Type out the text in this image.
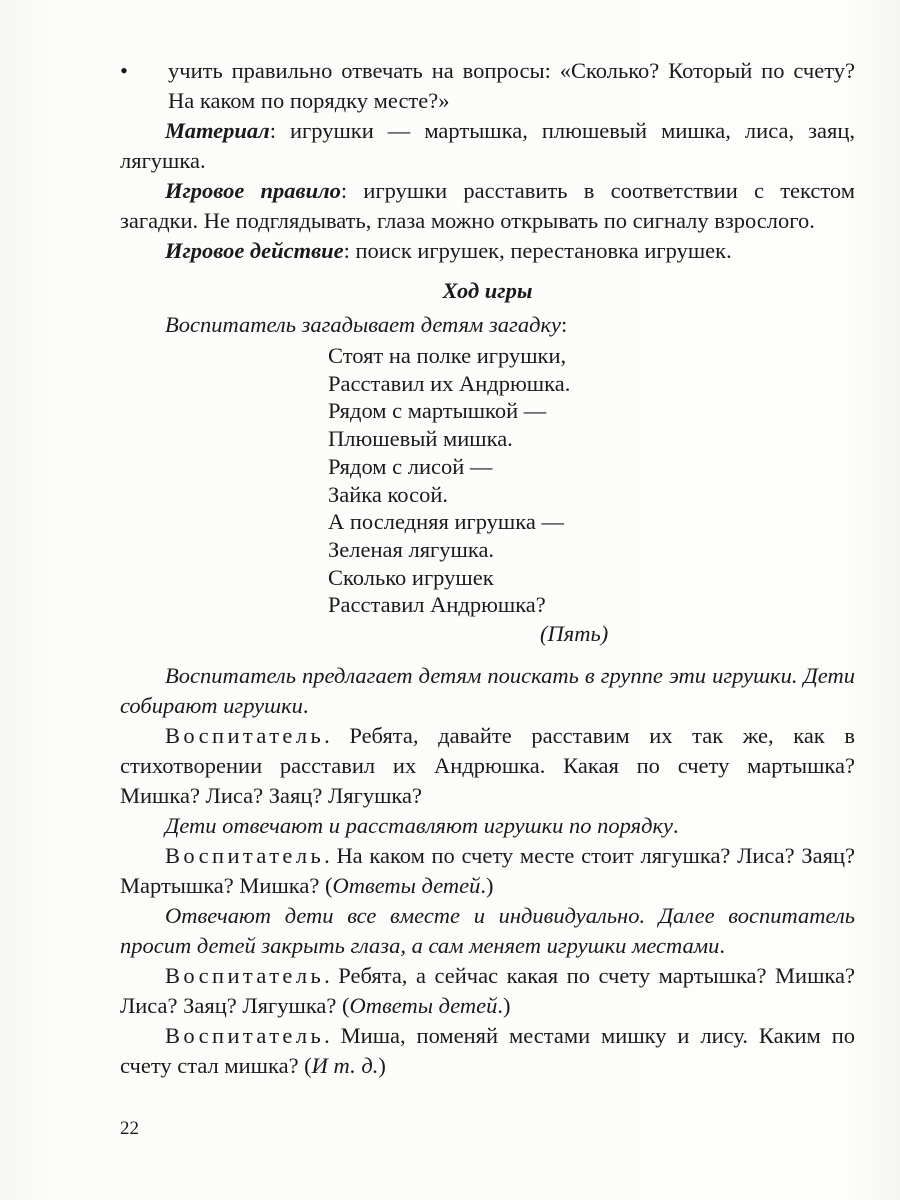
• учить правильно отвечать на вопросы: «Сколько? Который по счету? На каком по порядку месте?»

Материал: игрушки — мартышка, плюшевый мишка, лиса, заяц, лягушка.

Игровое правило: игрушки расставить в соответствии с текстом загадки. Не подглядывать, глаза можно открывать по сигналу взрослого.

Игровое действие: поиск игрушек, перестановка игрушек.

Ход игры

Воспитатель загадывает детям загадку:

Стоят на полке игрушки,
Расставил их Андрюшка.
Рядом с мартышкой —
Плюшевый мишка.
Рядом с лисой —
Зайка косой.
А последняя игрушка —
Зеленая лягушка.
Сколько игрушек
Расставил Андрюшка?
(Пять)

Воспитатель предлагает детям поискать в группе эти игрушки. Дети собирают игрушки.

Воспитатель. Ребята, давайте расставим их так же, как в стихотворении расставил их Андрюшка. Какая по счету мартышка? Мишка? Лиса? Заяц? Лягушка?

Дети отвечают и расставляют игрушки по порядку.

Воспитатель. На каком по счету месте стоит лягушка? Лиса? Заяц? Мартышка? Мишка? (Ответы детей.)

Отвечают дети все вместе и индивидуально. Далее воспитатель просит детей закрыть глаза, а сам меняет игрушки местами.

Воспитатель. Ребята, а сейчас какая по счету мартышка? Мишка? Лиса? Заяц? Лягушка? (Ответы детей.)

Воспитатель. Миша, поменяй местами мишку и лису. Каким по счету стал мишка? (И т. д.)

22
